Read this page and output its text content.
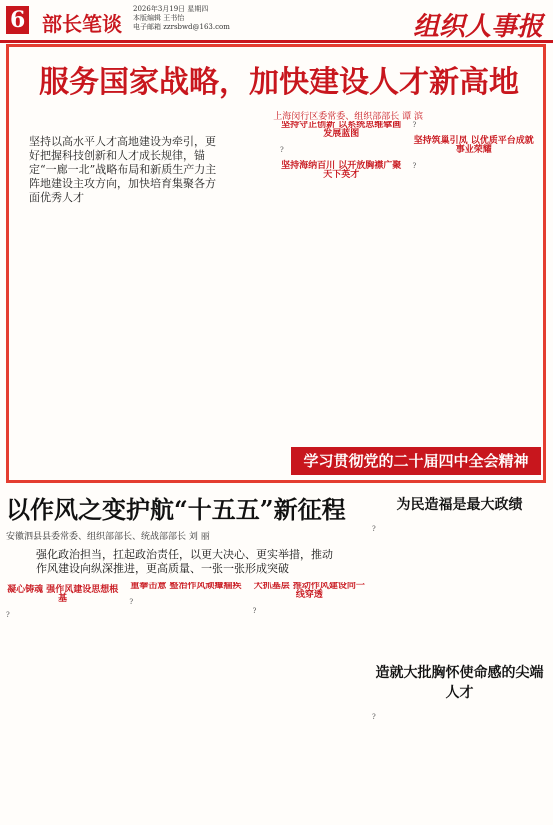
6 部长笔谈
2026年3月19日 星期四
本版编辑 王书怡
电子邮箱 zzrsbwd@163.com	组织人事报
服务国家战略，加快建设人才新高地
上海闵行区委常委、组织部部长 谭 滨
坚持以高水平人才高地建设为牵引，更好把握科技创新和人才成长规律，锚定“一廊一北”战略布局和新质生产力主阵地建设主攻方向，加快培育集聚各方面优秀人才
坚持守正创新 以系统思维擘画发展蓝图

?

坚持海纳百川 以开放胸襟广聚天下英才

?

坚持筑巢引凤 以优质平台成就事业荣耀

?

学习贯彻党的二十届四中全会精神
以作风之变护航“十五五”新征程
安徽泗县县委常委、组织部部长、统战部部长 刘 丽
强化政治担当，扛起政治责任，以更大决心、更实举措，推动作风建设向纵深推进，更高质量、一张一张形成突破
凝心铸魂 强作风建设思想根基

?

重拳击意 整治作风顽瘴痼疾

?

大抓基层 推动作风建设向一线穿透

?

为民造福是最大政绩

?

造就大批胸怀使命感的尖端人才

?
